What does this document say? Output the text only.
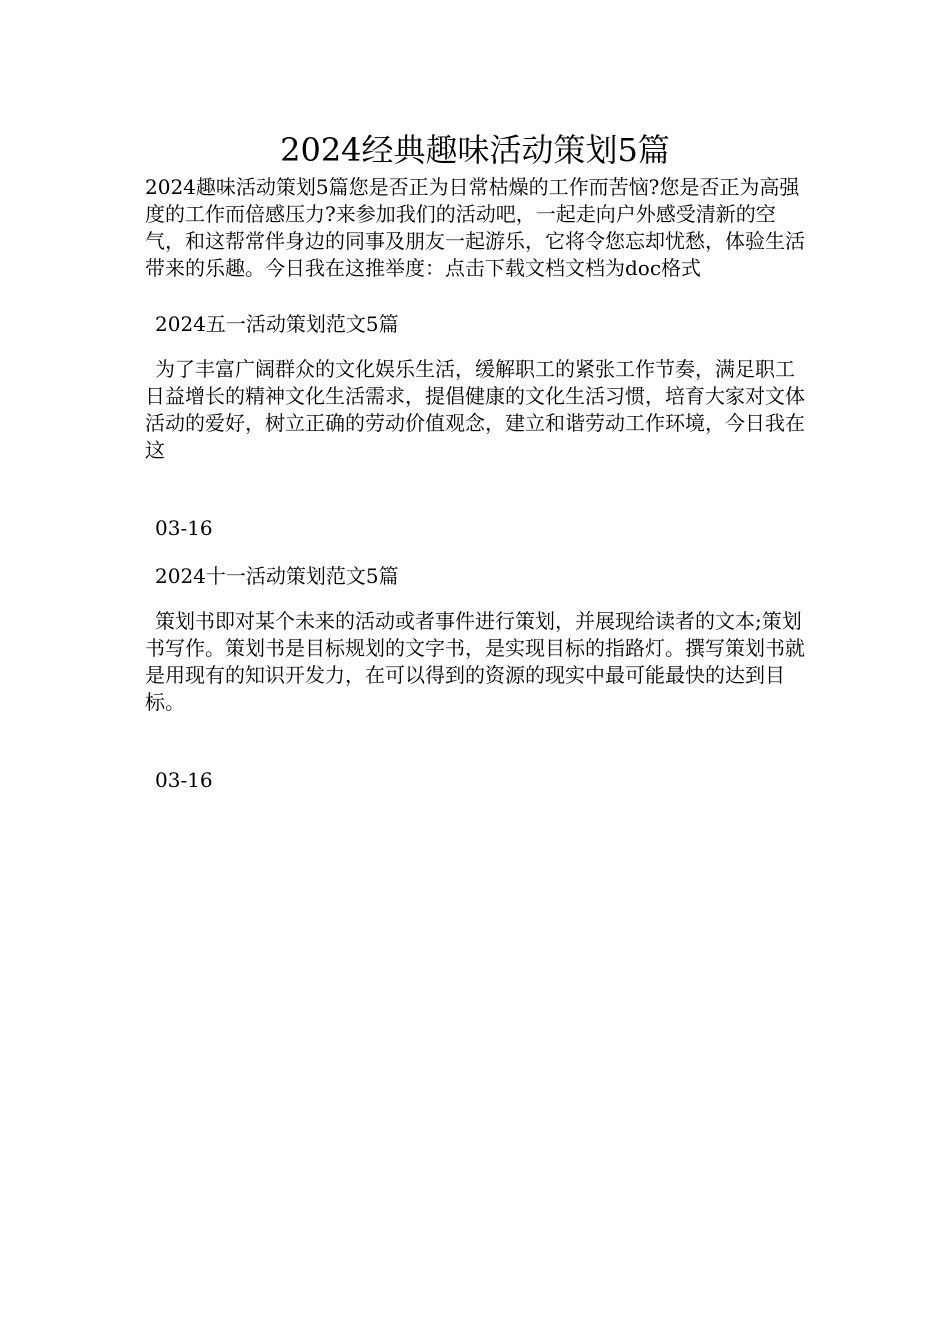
2024经典趣味活动策划5篇

2024趣味活动策划5篇您是否正为日常枯燥的工作而苦恼?您是否正为高强度的工作而倍感压力?来参加我们的活动吧，一起走向户外感受清新的空气，和这帮常伴身边的同事及朋友一起游乐，它将令您忘却忧愁，体验生活带来的乐趣。今日我在这推举度：点击下载文档文档为doc格式

2024五一活动策划范文5篇

为了丰富广阔群众的文化娱乐生活，缓解职工的紧张工作节奏，满足职工日益增长的精神文化生活需求，提倡健康的文化生活习惯，培育大家对文体活动的爱好，树立正确的劳动价值观念，建立和谐劳动工作环境，今日我在这

03-16

2024十一活动策划范文5篇

策划书即对某个未来的活动或者事件进行策划，并展现给读者的文本;策划书写作。策划书是目标规划的文字书，是实现目标的指路灯。撰写策划书就是用现有的知识开发力，在可以得到的资源的现实中最可能最快的达到目标。

03-16
